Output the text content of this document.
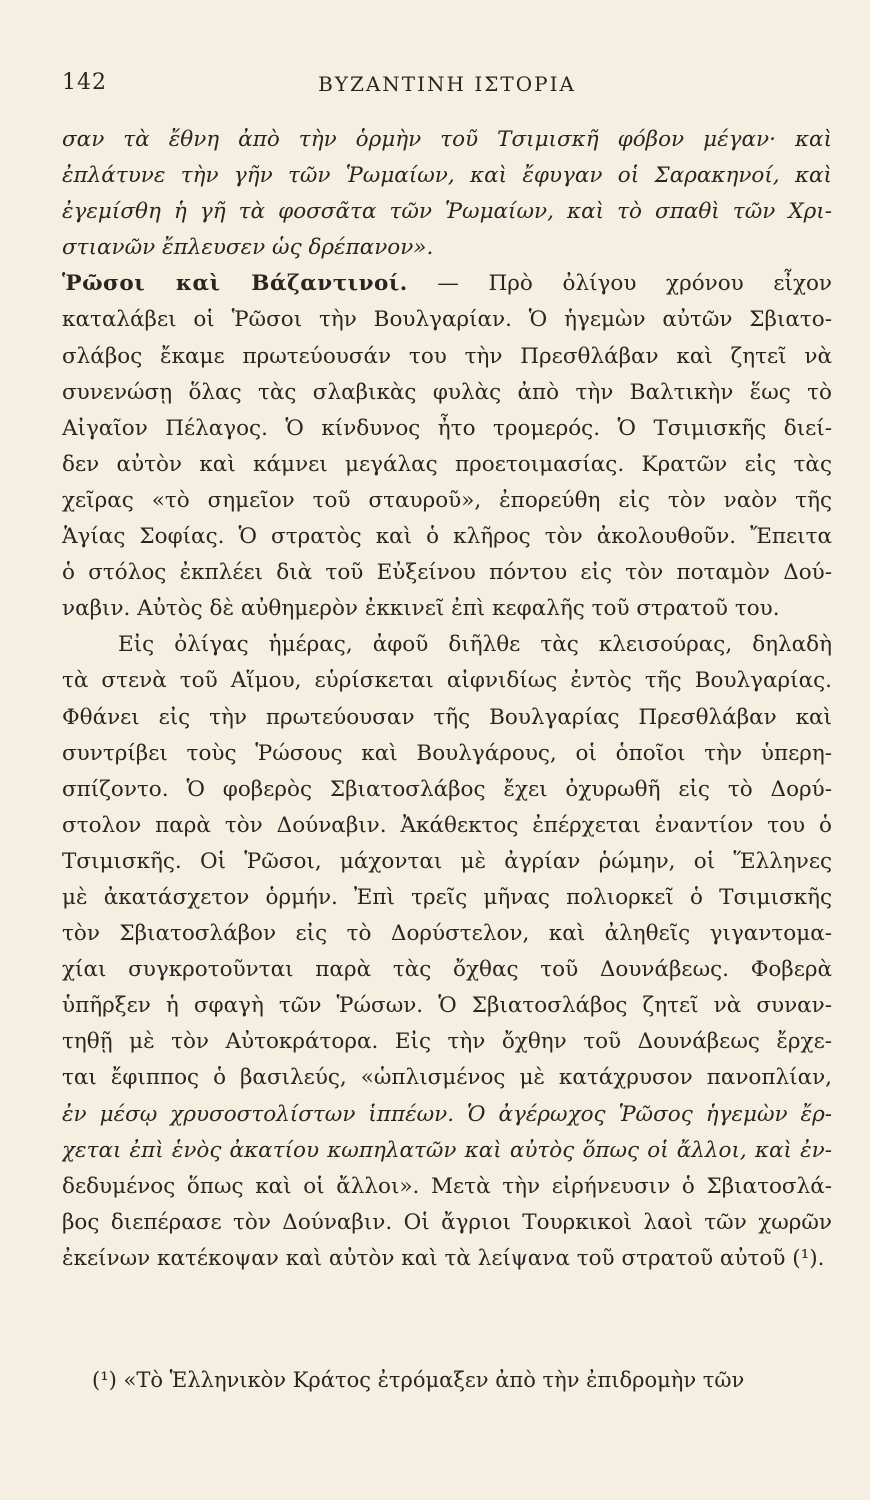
142	ΒΥΖΑΝΤΙΝΗ ΙΣΤΟΡΙΑ
σαν τὰ ἔθνη ἀπὸ τὴν ὁρμὴν τοῦ Τσιμισκῆ φόβον μέγαν· καὶ
ἐπλάτυνε τὴν γῆν τῶν Ῥωμαίων, καὶ ἔφυγαν οἱ Σαρακηνοί, καὶ
ἐγεμίσθη ἡ γῆ τὰ φοσσᾶτα τῶν Ῥωμαίων, καὶ τὸ σπαθὶ τῶν Χρι-
στιανῶν ἔπλευσεν ὡς δρέπανον».
Ῥῶσοι καὶ Βάζαντινοί. — Πρὸ ὀλίγου χρόνου εἶχον
καταλάβει οἱ Ῥῶσοι τὴν Βουλγαρίαν. Ὁ ἡγεμὼν αὐτῶν Σβιατο-
σλάβος ἔκαμε πρωτεύουσάν του τὴν Πρεσθλάβαν καὶ ζητεῖ νὰ
συνενώσῃ ὅλας τὰς σλαβικὰς φυλὰς ἀπὸ τὴν Βαλτικὴν ἕως τὸ
Αἰγαῖον Πέλαγος. Ὁ κίνδυνος ἦτο τρομερός. Ὁ Τσιμισκῆς διεί-
δεν αὐτὸν καὶ κάμνει μεγάλας προετοιμασίας. Κρατῶν εἰς τὰς
χεῖρας «τὸ σημεῖον τοῦ σταυροῦ», ἐπορεύθη εἰς τὸν ναὸν τῆς
Ἁγίας Σοφίας. Ὁ στρατὸς καὶ ὁ κλῆρος τὸν ἀκολουθοῦν. Ἔπειτα
ὁ στόλος ἐκπλέει διὰ τοῦ Εὐξείνου πόντου εἰς τὸν ποταμὸν Δού-
ναβιν. Αὐτὸς δὲ αὐθημερὸν ἐκκινεῖ ἐπὶ κεφαλῆς τοῦ στρατοῦ του.
Εἰς ὀλίγας ἡμέρας, ἀφοῦ διῆλθε τὰς κλεισούρας, δηλαδὴ
τὰ στενὰ τοῦ Αἵμου, εὑρίσκεται αἰφνιδίως ἐντὸς τῆς Βουλγαρίας.
Φθάνει εἰς τὴν πρωτεύουσαν τῆς Βουλγαρίας Πρεσθλάβαν καὶ
συντρίβει τοὺς Ῥώσους καὶ Βουλγάρους, οἱ ὁποῖοι τὴν ὑπερη-
σπίζοντο. Ὁ φοβερὸς Σβιατοσλάβος ἔχει ὀχυρωθῆ εἰς τὸ Δορύ-
στολον παρὰ τὸν Δούναβιν. Ἀκάθεκτος ἐπέρχεται ἐναντίον του ὁ
Τσιμισκῆς. Οἱ Ῥῶσοι, μάχονται μὲ ἀγρίαν ῥώμην, οἱ Ἕλληνες
μὲ ἀκατάσχετον ὁρμήν. Ἐπὶ τρεῖς μῆνας πολιορκεῖ ὁ Τσιμισκῆς
τὸν Σβιατοσλάβον εἰς τὸ Δορύστελον, καὶ ἀληθεῖς γιγαντομα-
χίαι συγκροτοῦνται παρὰ τὰς ὄχθας τοῦ Δουνάβεως. Φοβερὰ
ὑπῆρξεν ἡ σφαγὴ τῶν Ῥώσων. Ὁ Σβιατοσλάβος ζητεῖ νὰ συναν-
τηθῇ μὲ τὸν Αὐτοκράτορα. Εἰς τὴν ὄχθην τοῦ Δουνάβεως ἔρχε-
ται ἔφιππος ὁ βασιλεύς, «ὡπλισμένος μὲ κατάχρυσον πανοπλίαν,
ἐν μέσῳ χρυσοστολίστων ἱππέων. Ὁ ἀγέρωχος Ῥῶσος ἡγεμὼν ἔρ-
χεται ἐπὶ ἑνὸς ἀκατίου κωπηλατῶν καὶ αὐτὸς ὅπως οἱ ἄλλοι, καὶ ἐν-
δεδυμένος ὅπως καὶ οἱ ἄλλοι». Μετὰ τὴν εἰρήνευσιν ὁ Σβιατοσλά-
βος διεπέρασε τὸν Δούναβιν. Οἱ ἄγριοι Τουρκικοὶ λαοὶ τῶν χωρῶν
ἐκείνων κατέκοψαν καὶ αὐτὸν καὶ τὰ λείψανα τοῦ στρατοῦ αὐτοῦ (¹).
(¹) «Τὸ Ἑλληνικὸν Κράτος ἐτρόμαξεν ἀπὸ τὴν ἐπιδρομὴν τῶν
